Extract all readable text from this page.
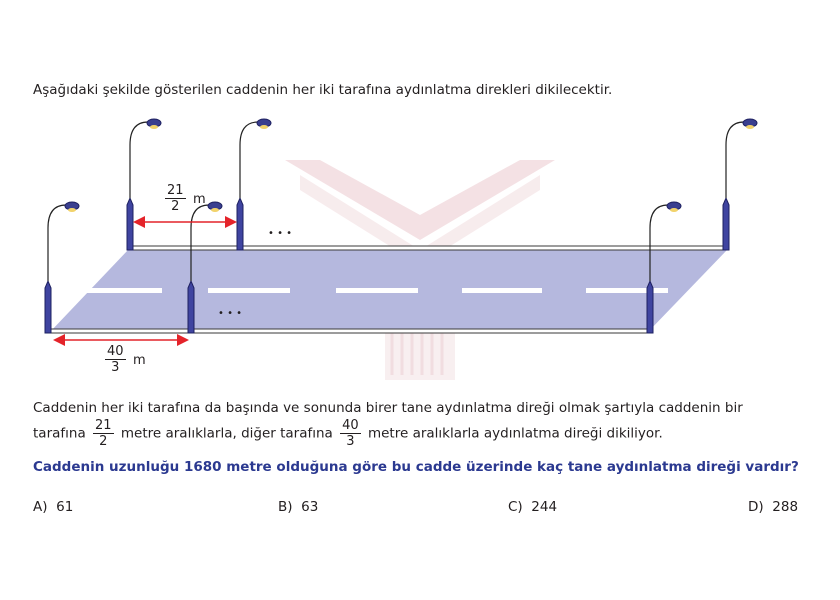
Aşağıdaki şekilde gösterilen caddenin her iki tarafına aydınlatma direkleri dikilecektir.
• • •
• • •
$\frac{21}{2}$ m
$\frac{40}{3}$ m
Caddenin her iki tarafına da başında ve sonunda birer tane aydınlatma direği olmak şartıyla caddenin bir
tarafına $\frac{21}{2}$ metre aralıklarla, diğer tarafına $\frac{40}{3}$ metre aralıklarla aydınlatma direği dikiliyor.
Caddenin uzunluğu 1680 metre olduğuna göre bu cadde üzerinde kaç tane aydınlatma direği vardır?
A) 61	B) 63	C) 244	D) 288
